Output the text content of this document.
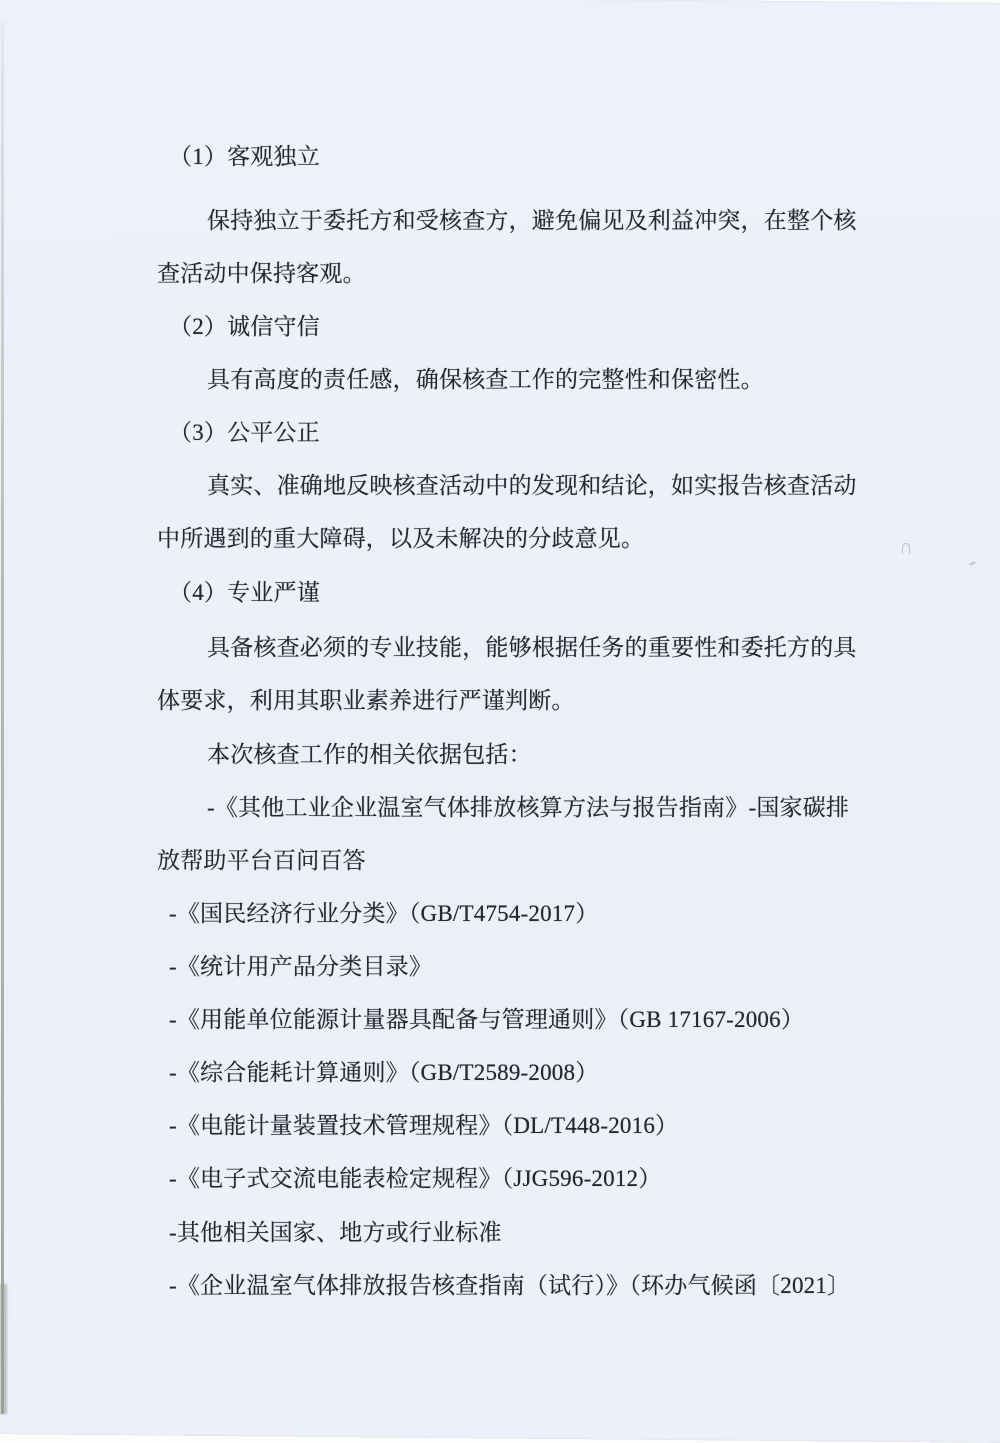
（1）客观独立
保持独立于委托方和受核查方，避免偏见及利益冲突，在整个核
查活动中保持客观。
（2）诚信守信
具有高度的责任感，确保核查工作的完整性和保密性。
（3）公平公正
真实、准确地反映核查活动中的发现和结论，如实报告核查活动
中所遇到的重大障碍，以及未解决的分歧意见。
（4）专业严谨
具备核查必须的专业技能，能够根据任务的重要性和委托方的具
体要求，利用其职业素养进行严谨判断。
本次核查工作的相关依据包括：
-《其他工业企业温室气体排放核算方法与报告指南》-国家碳排
放帮助平台百问百答
-《国民经济行业分类》（GB/T4754-2017）
-《统计用产品分类目录》
-《用能单位能源计量器具配备与管理通则》（GB 17167-2006）
-《综合能耗计算通则》（GB/T2589-2008）
-《电能计量装置技术管理规程》（DL/T448-2016）
-《电子式交流电能表检定规程》（JJG596-2012）
-其他相关国家、地方或行业标准
-《企业温室气体排放报告核查指南（试行）》（环办气候函〔2021〕
